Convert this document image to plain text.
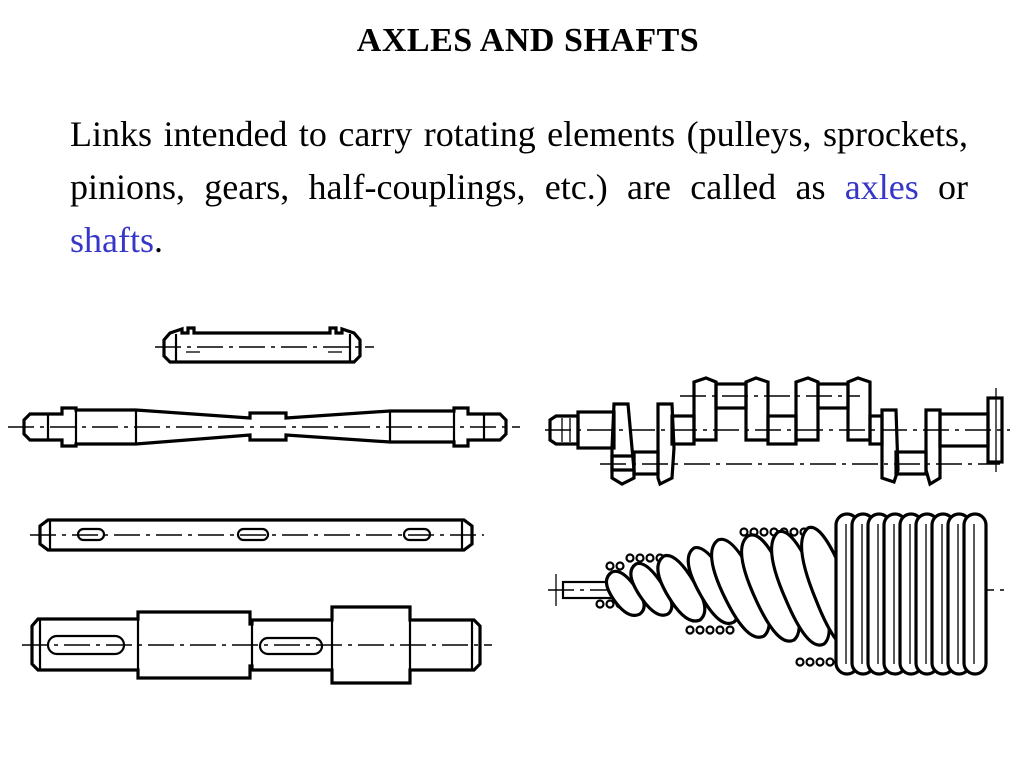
AXLES AND SHAFTS
Links intended to carry rotating elements (pulleys, sprockets, pinions, gears, half-couplings, etc.) are called as axles or shafts.
